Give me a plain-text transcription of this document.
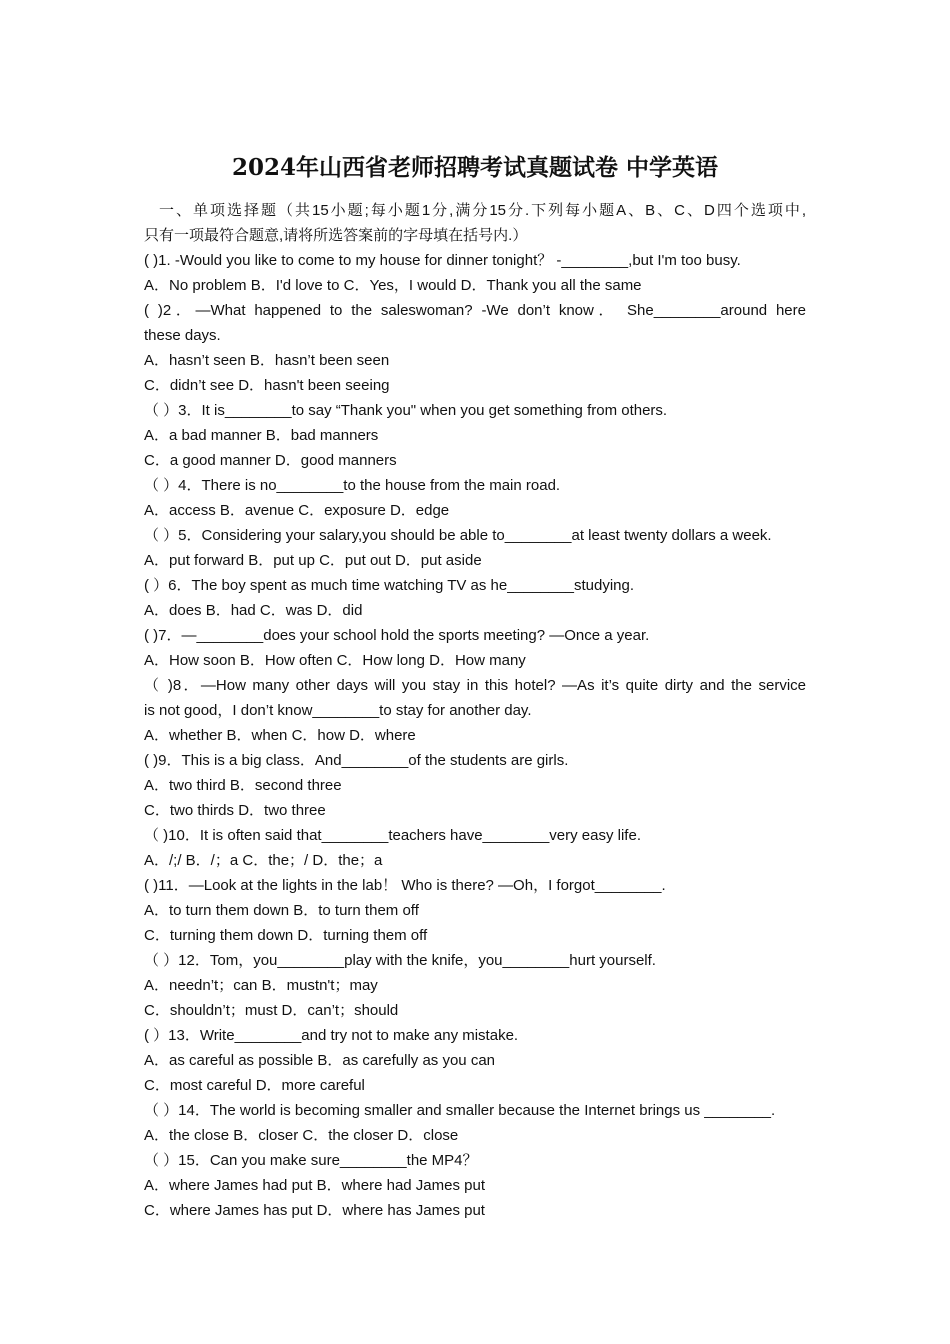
2024年山西省老师招聘考试真题试卷 中学英语
一、单项选择题（共15小题;每小题1分,满分15分.下列每小题A、B、C、D四个选项中,
只有一项最符合题意,请将所选答案前的字母填在括号内.）
( )1. -Would you like to come to my house for dinner tonight？ -________,but I'm too busy.
A．No problem B．I'd love to C．Yes，I would D．Thank you all the same
( )2．—What happened to the saleswoman? -We don’t know． She________around here
these days.
A．hasn’t seen B．hasn’t been seen
C．didn’t see D．hasn't been seeing
（ ）3．It is________to say “Thank you" when you get something from others.
A．a bad manner B．bad manners
C．a good manner D．good manners
（ ）4．There is no________to the house from the main road.
A．access B．avenue C．exposure D．edge
（ ）5．Considering your salary,you should be able to________at least twenty dollars a week.
A．put forward B．put up C．put out D．put aside
( ）6．The boy spent as much time watching TV as he________studying.
A．does B．had C．was D．did
( )7．—________does your school hold the sports meeting? —Once a year.
A．How soon B．How often C．How long D．How many
（ )8．—How many other days will you stay in this hotel? —As it’s quite dirty and the service
is not good，I don’t know________to stay for another day.
A．whether B．when C．how D．where
( )9．This is a big class．And________of the students are girls.
A．two third B．second three
C．two thirds D．two three
（ )10．It is often said that________teachers have________very easy life.
A．/;/ B．/；a C．the；/ D．the；a
( )11．—Look at the lights in the lab！ Who is there? —Oh，I forgot________.
A．to turn them down B．to turn them off
C．turning them down D．turning them off
（ ）12．Tom，you________play with the knife，you________hurt yourself.
A．needn’t；can B．mustn't；may
C．shouldn’t；must D．can’t；should
( ）13．Write________and try not to make any mistake.
A．as careful as possible B．as carefully as you can
C．most careful D．more careful
（ ）14．The world is becoming smaller and smaller because the Internet brings us ________.
A．the close B．closer C．the closer D．close
（ ）15．Can you make sure________the MP4？
A．where James had put B．where had James put
C．where James has put D．where has James put
